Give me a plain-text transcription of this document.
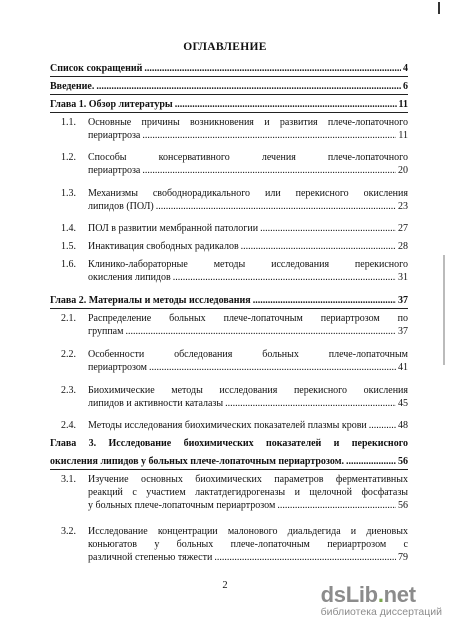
ОГЛАВЛЕНИЕ
Список сокращений .....	4
Введение. .....	6
Глава 1. Обзор литературы .....	11
1.1.	Основные причины возникновения и развития плече-лопаточного
периартроза .....	11
1.2.	Способы консервативного лечения плече-лопаточного
периартроза .....	20
1.3.	Механизмы свободнорадикального или перекисного окисления
липидов (ПОЛ) .....	23
1.4. ПОЛ в развитии мембранной патологии .....	27
1.5. Инактивация свободных радикалов .....	28
1.6.	Клинико-лабораторные методы исследования перекисного
окисления липидов .....	31
Глава 2. Материалы и методы исследования .....	37
2.1.	Распределение больных плече-лопаточным периартрозом по
группам .....	37
2.2.	Особенности обследования больных плече-лопаточным
периартрозом .....	41
2.3.	Биохимические методы исследования перекисного окисления
липидов и активности каталазы .....	45
2.4. Методы исследования биохимических показателей плазмы крови .....	48
Глава 3. Исследование биохимических показателей и перекисного
окисления липидов у больных плече-лопаточным периартрозом. .....	56
3.1.	Изучение основных биохимических параметров ферментативных
реакций с участием лактатдегидрогеназы и щелочной фосфатазы
у больных плече-лопаточным периартрозом .....	56
3.2.	Исследование концентрации малонового диальдегида и диеновых
коньюгатов у больных плече-лопаточным периартрозом с
различной степенью тяжести .....	79
2	dsLib.net
библиотека диссертаций
